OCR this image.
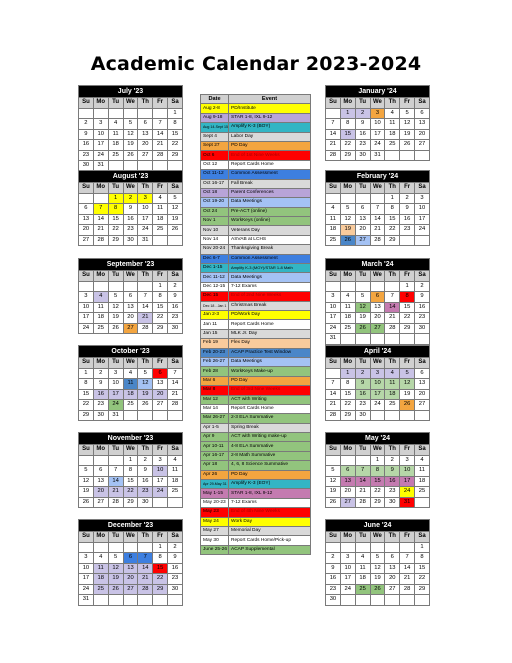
Academic Calendar 2023-2024
July '23						
Su	Mo	Tu	We	Th	Fr	Sa
						1
2	3	4	5	6	7	8
9	10	11	12	13	14	15
16	17	18	19	20	21	22
23	24	25	26	27	28	29
30	31					
August '23						
Su	Mo	Tu	We	Th	Fr	Sa
		1	2	3	4	5
6	7	8	9	10	11	12
13	14	15	16	17	18	19
20	21	22	23	24	25	26
27	28	29	30	31		
September '23						
Su	Mo	Tu	We	Th	Fr	Sa
					1	2
3	4	5	6	7	8	9
10	11	12	13	14	15	16
17	18	19	20	21	22	23
24	25	26	27	28	29	30
October '23						
Su	Mo	Tu	We	Th	Fr	Sa
1	2	3	4	5	6	7
8	9	10	11	12	13	14
15	16	17	18	19	20	21
22	23	24	25	26	27	28
29	30	31				
November '23						
Su	Mo	Tu	We	Th	Fr	Sa
			1	2	3	4
5	6	7	8	9	10	11
12	13	14	15	16	17	18
19	20	21	22	23	24	25
26	27	28	29	30		
December '23						
Su	Mo	Tu	We	Th	Fr	Sa
					1	2
3	4	5	6	7	8	9
10	11	12	13	14	15	16
17	18	19	20	21	22	23
24	25	26	27	28	29	30
31						
January '24						
Su	Mo	Tu	We	Th	Fr	Sa
	1	2	3	4	5	6
7	8	9	10	11	12	13
14	15	16	17	18	19	20
21	22	23	24	25	26	27
28	29	30	31			
February '24						
Su	Mo	Tu	We	Th	Fr	Sa
				1	2	3
4	5	6	7	8	9	10
11	12	13	14	15	16	17
18	19	20	21	22	23	24
25	26	27	28	29		
March '24						
Su	Mo	Tu	We	Th	Fr	Sa
					1	2
3	4	5	6	7	8	9
10	11	12	13	14	15	16
17	18	19	20	21	22	23
24	25	26	27	28	29	30
31						
April '24						
Su	Mo	Tu	We	Th	Fr	Sa
	1	2	3	4	5	6
7	8	9	10	11	12	13
14	15	16	17	18	19	20
21	22	23	24	25	26	27
28	29	30				
May '24						
Su	Mo	Tu	We	Th	Fr	Sa
			1	2	3	4
5	6	7	8	9	10	11
12	13	14	15	16	17	18
19	20	21	22	23	24	25
26	27	28	29	30	31	
June '24						
Su	Mo	Tu	We	Th	Fr	Sa
						1
2	3	4	5	6	7	8
9	10	11	12	13	14	15
16	17	18	19	20	21	22
23	24	25	26	27	28	29
30						
Date	Event
Aug 2-8	PD/Institute
Aug 9-18	STAR 1-8, IXL 9-12
Aug 14-Sept 15	Amplify K-3 (BOY)
Sept 4	Labor Day
Sept 27	PD Day
Oct 6	End of 1st Nine Weeks
Oct 12	Report Cards Home
Oct 11-12	Common Assessment
Oct 16-17	Fall Break
Oct 18	Parent Conferences
Oct 19-20	Data Meetings
Oct 24	Pre-ACT (online)
Nov 1	WorkKeys (online)
Nov 10	Veterans Day
Nov 14	ASVAB at LCHS
Nov 20-24	Thanksgiving Break
Dec 6-7	Common Assessment
Dec 1-15	Amplify K-3 (MOY)/STAR 1-8 Math
Dec 11-12	Data Meetings
Dec 12-15	7-12 Exams
Dec 15	End of 2nd Nine Weeks
Dec 18 - Jan 1	Christmas Break
Jan 2-3	PD/Work Day
Jan 11	Report Cards Home
Jan 15	MLK Jr. Day
Feb 19	Flex Day
Feb 20-23	ACAP Practice Test Window
Feb 26-27	Data Meetings
Feb 28	WorkKeys Make-up
Mar 6	PD Day
Mar 8	End of 3rd Nine Weeks
Mar 12	ACT with Writing
Mar 14	Report Cards Home
Mar 26-27	2-3 ELA Summative
Apr 1-5	Spring Break
Apr 9	ACT with Writing make-up
Apr 10-11	4-8 ELA Summative
Apr 16-17	2-8 Math Summative
Apr 18	4, 6, 8 Science Summative
Apr 26	PD Day
Apr 29-May 31	Amplify K-3 (EOY)
May 1-15	STAR 1-8, IXL 9-12
May 20-23	7-12 Exams
May 23	End of 4th Nine Weeks
May 24	Work Day
May 27	Memorial Day
May 30	Report Cards Home/Pick-up
June 25-26	ACAP Supplemental
